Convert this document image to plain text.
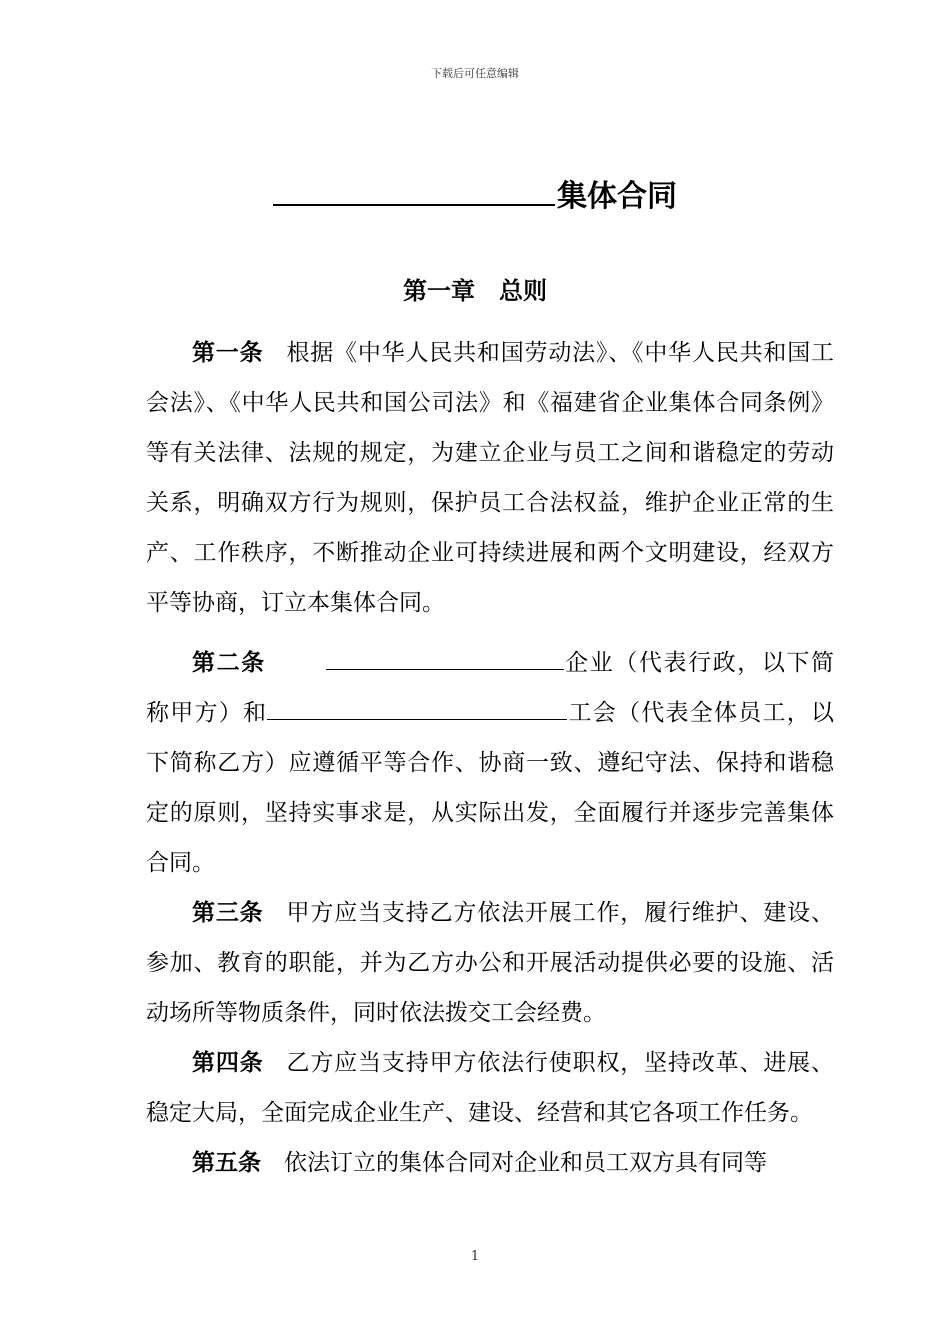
下载后可任意编辑
集体合同
第一章　总则

第一条 根据《中华人民共和国劳动法》、《中华人民共和国工会法》、《中华人民共和国公司法》和《福建省企业集体合同条例》等有关法律、法规的规定，为建立企业与员工之间和谐稳定的劳动关系，明确双方行为规则，保护员工合法权益，维护企业正常的生产、工作秩序，不断推动企业可持续进展和两个文明建设，经双方平等协商，订立本集体合同。

第二条	企业（代表行政，以下简称甲方）和	工会（代表全体员工，以下简称乙方）应遵循平等合作、协商一致、遵纪守法、保持和谐稳定的原则，坚持实事求是，从实际出发，全面履行并逐步完善集体合同。

第三条 甲方应当支持乙方依法开展工作，履行维护、建设、参加、教育的职能，并为乙方办公和开展活动提供必要的设施、活动场所等物质条件，同时依法拨交工会经费。

第四条 乙方应当支持甲方依法行使职权，坚持改革、进展、稳定大局，全面完成企业生产、建设、经营和其它各项工作任务。

第五条 依法订立的集体合同对企业和员工双方具有同等

1
